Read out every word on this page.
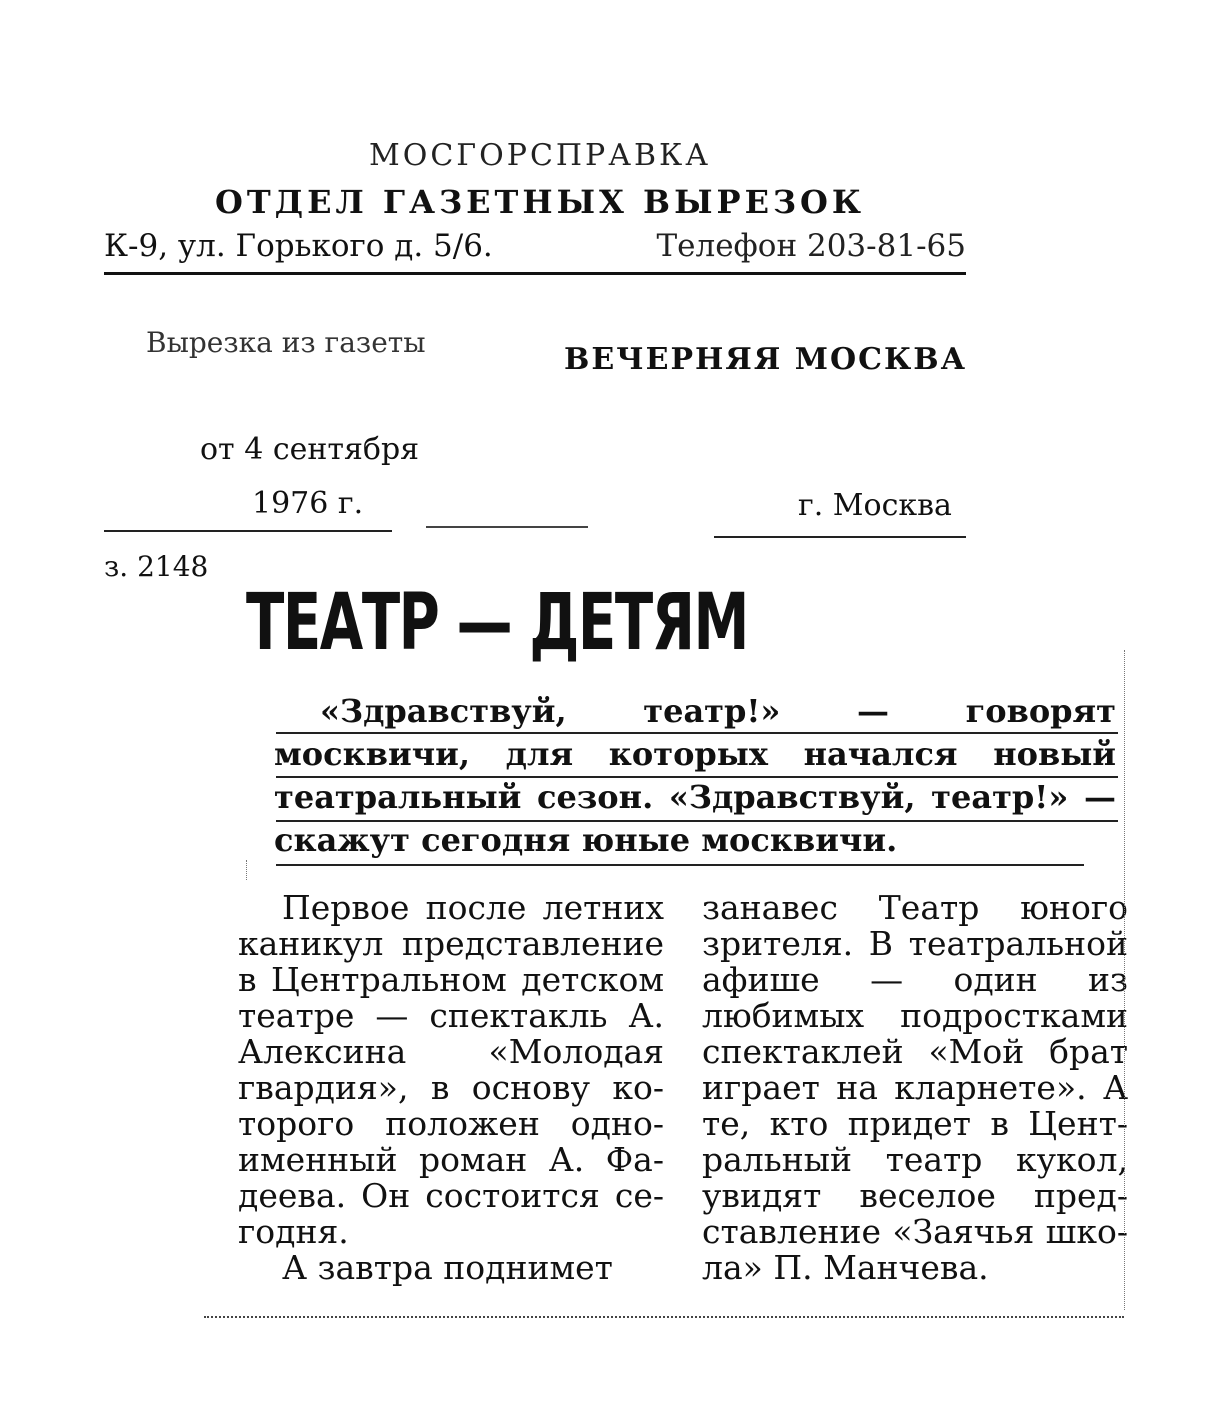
МОСГОРСПРАВКА
ОТДЕЛ ГАЗЕТНЫХ ВЫРЕЗОК
К-9, ул. Горького д. 5/6.	Телефон 203-81-65
Вырезка из газеты	ВЕЧЕРНЯЯ МОСКВА
от 4 сентября
1976 г.	г. Москва
з. 2148
ТЕАТР — ДЕТЯМ
«Здравствуй, театр!» — говорят москвичи, для которых начался новый театральный сезон. «Здравствуй, театр!» — скажут сегодня юные москвичи.

Первое после летних каникул представление в Центральном детском театре — спектакль А. Алексина «Молодая гвардия», в основу которого положен одноименный роман А. Фадеева. Он состоится сегодня.

А завтра поднимет

занавес Театр юного зрителя. В театральной афише — один из любимых подростками спектаклей «Мой брат играет на кларнете». А те, кто придет в Центральный театр кукол, увидят веселое представление «Заячья школа» П. Манчева.
